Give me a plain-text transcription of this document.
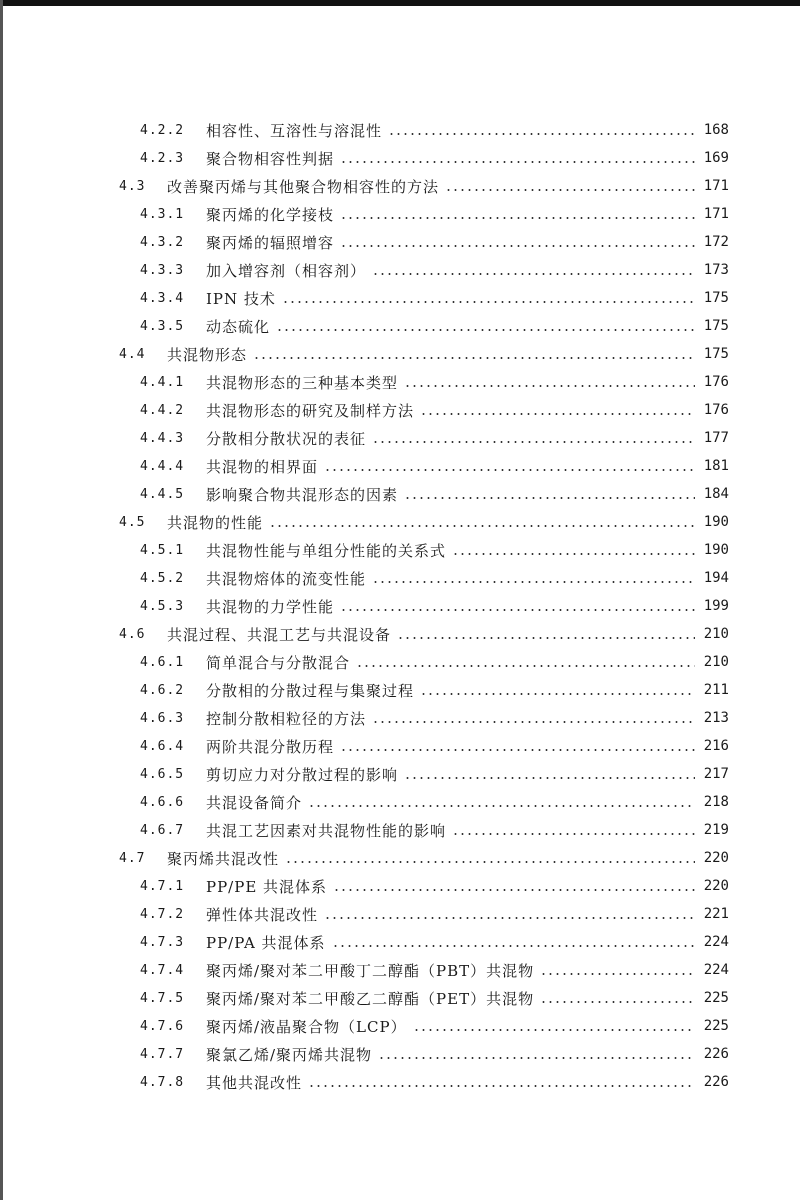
4.2.2	相容性、互溶性与溶混性	168
4.2.3	聚合物相容性判据	169
4.3	改善聚丙烯与其他聚合物相容性的方法	171
4.3.1	聚丙烯的化学接枝	171
4.3.2	聚丙烯的辐照增容	172
4.3.3	加入增容剂（相容剂）	173
4.3.4	IPN 技术	175
4.3.5	动态硫化	175
4.4	共混物形态	175
4.4.1	共混物形态的三种基本类型	176
4.4.2	共混物形态的研究及制样方法	176
4.4.3	分散相分散状况的表征	177
4.4.4	共混物的相界面	181
4.4.5	影响聚合物共混形态的因素	184
4.5	共混物的性能	190
4.5.1	共混物性能与单组分性能的关系式	190
4.5.2	共混物熔体的流变性能	194
4.5.3	共混物的力学性能	199
4.6	共混过程、共混工艺与共混设备	210
4.6.1	简单混合与分散混合	210
4.6.2	分散相的分散过程与集聚过程	211
4.6.3	控制分散相粒径的方法	213
4.6.4	两阶共混分散历程	216
4.6.5	剪切应力对分散过程的影响	217
4.6.6	共混设备简介	218
4.6.7	共混工艺因素对共混物性能的影响	219
4.7	聚丙烯共混改性	220
4.7.1	PP/PE 共混体系	220
4.7.2	弹性体共混改性	221
4.7.3	PP/PA 共混体系	224
4.7.4	聚丙烯/聚对苯二甲酸丁二醇酯（PBT）共混物	224
4.7.5	聚丙烯/聚对苯二甲酸乙二醇酯（PET）共混物	225
4.7.6	聚丙烯/液晶聚合物（LCP）	225
4.7.7	聚氯乙烯/聚丙烯共混物	226
4.7.8	其他共混改性	226
